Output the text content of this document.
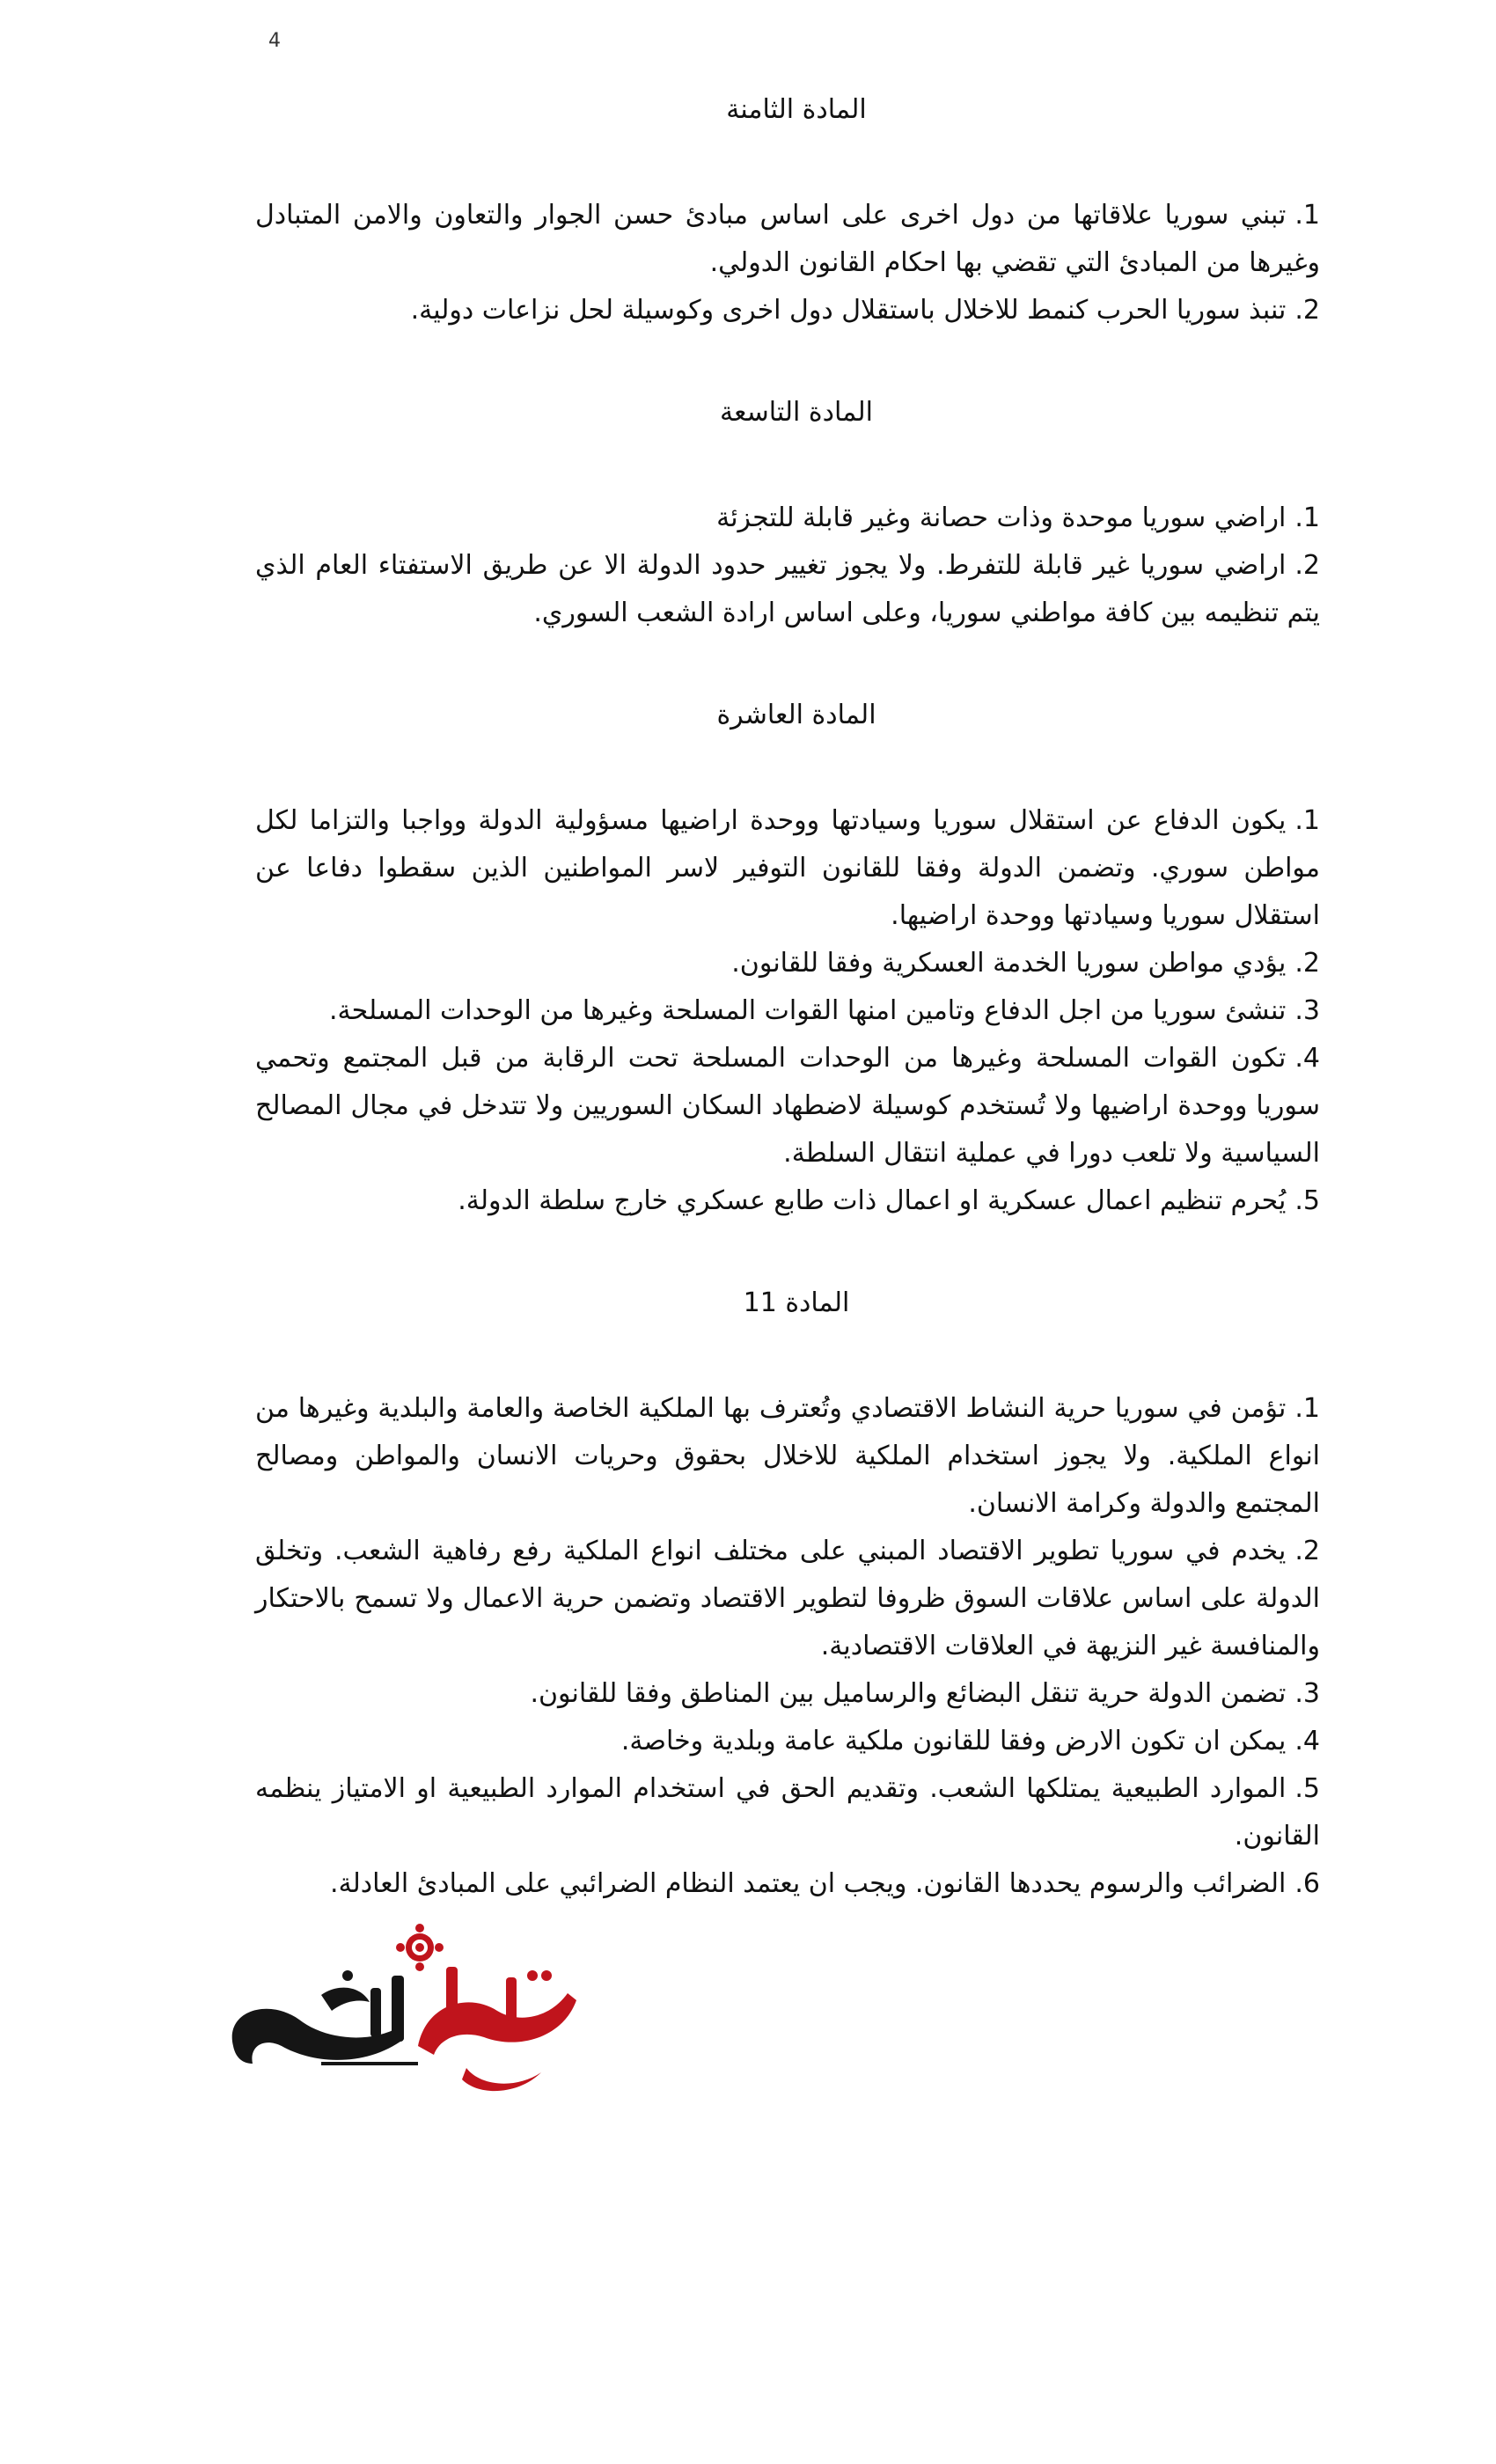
4
المادة الثامنة

1.تبني سوريا علاقاتها من دول اخرى على اساس مبادئ حسن الجوار والتعاون والامن المتبادل وغيرها من المبادئ التي تقضي بها احكام القانون الدولي.

2.تنبذ سوريا الحرب كنمط للاخلال باستقلال دول اخرى وكوسيلة لحل نزاعات دولية.

المادة التاسعة

1.اراضي سوريا موحدة وذات حصانة وغير قابلة للتجزئة

2.اراضي سوريا غير قابلة للتفرط. ولا يجوز تغيير حدود الدولة الا عن طريق الاستفتاء العام الذي يتم تنظيمه بين كافة مواطني سوريا، وعلى اساس ارادة الشعب السوري.

المادة العاشرة

1.يكون الدفاع عن استقلال سوريا وسيادتها ووحدة اراضيها مسؤولية الدولة وواجبا والتزاما لكل مواطن سوري. وتضمن الدولة وفقا للقانون التوفير لاسر المواطنين الذين سقطوا دفاعا عن استقلال سوريا وسيادتها ووحدة اراضيها.

2.يؤدي مواطن سوريا الخدمة العسكرية وفقا للقانون.

3.تنشئ سوريا من اجل الدفاع وتامين امنها القوات المسلحة وغيرها من الوحدات المسلحة.

4.تكون القوات المسلحة وغيرها من الوحدات المسلحة تحت الرقابة من قبل المجتمع وتحمي سوريا ووحدة اراضيها ولا تُستخدم كوسيلة لاضطهاد السكان السوريين ولا تتدخل في مجال المصالح السياسية ولا تلعب دورا في عملية انتقال السلطة.

5.يُحرم تنظيم اعمال عسكرية او اعمال ذات طابع عسكري خارج سلطة الدولة.

المادة 11

1.تؤمن في سوريا حرية النشاط الاقتصادي وتُعترف بها الملكية الخاصة والعامة والبلدية وغيرها من انواع الملكية. ولا يجوز استخدام الملكية للاخلال بحقوق وحريات الانسان والمواطن ومصالح المجتمع والدولة وكرامة الانسان.

2.يخدم في سوريا تطوير الاقتصاد المبني على مختلف انواع الملكية رفع رفاهية الشعب. وتخلق الدولة على اساس علاقات السوق ظروفا لتطوير الاقتصاد وتضمن حرية الاعمال ولا تسمح بالاحتكار والمنافسة غير النزيهة في العلاقات الاقتصادية.

3.تضمن الدولة حرية تنقل البضائع والرساميل بين المناطق وفقا للقانون.

4.يمكن ان تكون الارض وفقا للقانون ملكية عامة وبلدية وخاصة.

5.الموارد الطبيعية يمتلكها الشعب. وتقديم الحق في استخدام الموارد الطبيعية او الامتياز ينظمه القانون.

6.الضرائب والرسوم يحددها القانون. ويجب ان يعتمد النظام الضرائبي على المبادئ العادلة.
